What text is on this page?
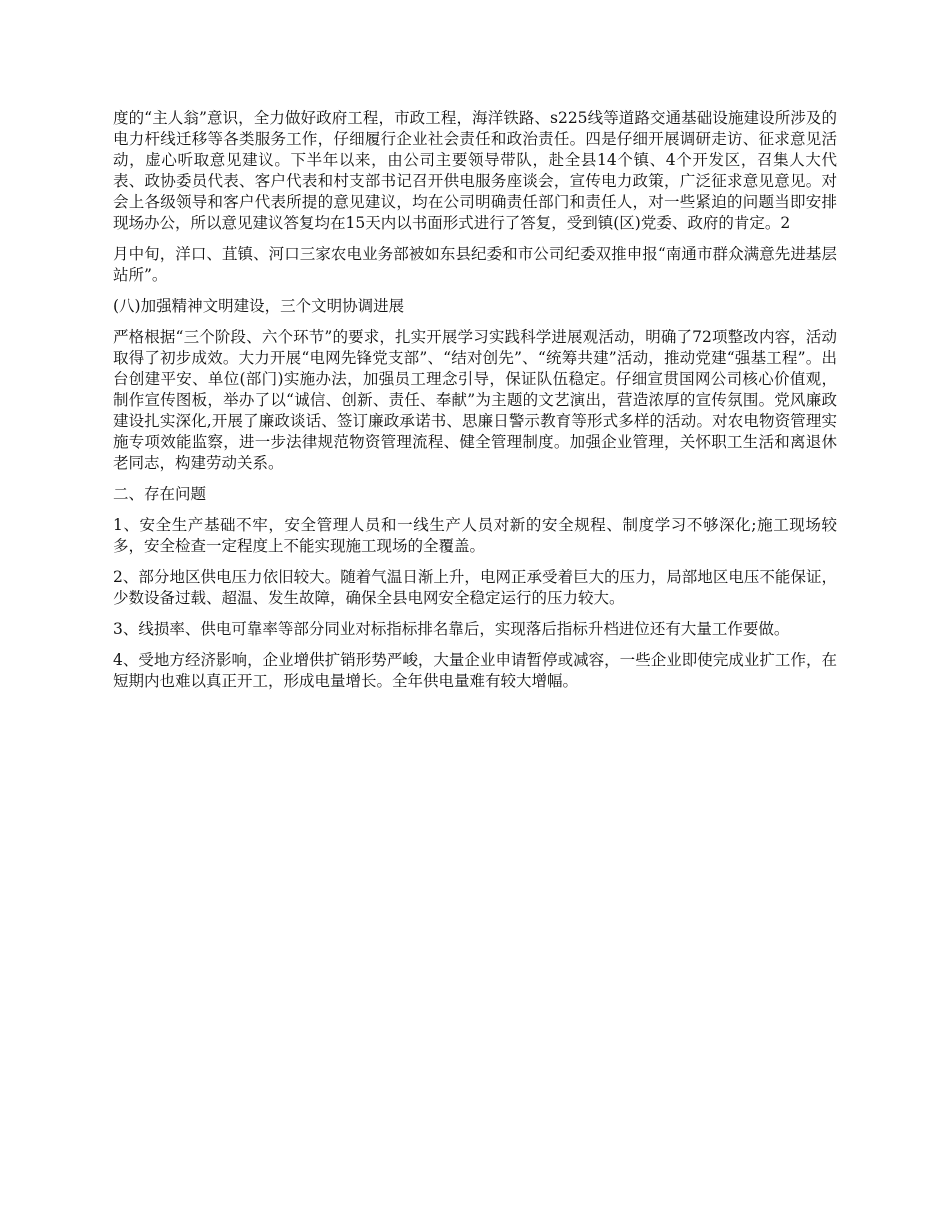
度的“主人翁”意识，全力做好政府工程，市政工程，海洋铁路、s225线等道路交通基础设施建设所涉及的电力杆线迁移等各类服务工作，仔细履行企业社会责任和政治责任。四是仔细开展调研走访、征求意见活动，虚心听取意见建议。下半年以来，由公司主要领导带队，赴全县14个镇、4个开发区，召集人大代表、政协委员代表、客户代表和村支部书记召开供电服务座谈会，宣传电力政策，广泛征求意见意见。对会上各级领导和客户代表所提的意见建议，均在公司明确责任部门和责任人，对一些紧迫的问题当即安排现场办公，所以意见建议答复均在15天内以书面形式进行了答复，受到镇(区)党委、政府的肯定。2

月中旬，洋口、苴镇、河口三家农电业务部被如东县纪委和市公司纪委双推申报“南通市群众满意先进基层站所”。

(八)加强精神文明建设，三个文明协调进展

严格根据“三个阶段、六个环节”的要求，扎实开展学习实践科学进展观活动，明确了72项整改内容，活动取得了初步成效。大力开展“电网先锋党支部”、“结对创先”、“统筹共建”活动，推动党建“强基工程”。出台创建平安、单位(部门)实施办法，加强员工理念引导，保证队伍稳定。仔细宣贯国网公司核心价值观，制作宣传图板，举办了以“诚信、创新、责任、奉献”为主题的文艺演出，营造浓厚的宣传氛围。党风廉政建设扎实深化,开展了廉政谈话、签订廉政承诺书、思廉日警示教育等形式多样的活动。对农电物资管理实施专项效能监察，进一步法律规范物资管理流程、健全管理制度。加强企业管理，关怀职工生活和离退休老同志，构建劳动关系。

二、存在问题

1、安全生产基础不牢，安全管理人员和一线生产人员对新的安全规程、制度学习不够深化;施工现场较多，安全检查一定程度上不能实现施工现场的全覆盖。

2、部分地区供电压力依旧较大。随着气温日渐上升，电网正承受着巨大的压力，局部地区电压不能保证，少数设备过载、超温、发生故障，确保全县电网安全稳定运行的压力较大。

3、线损率、供电可靠率等部分同业对标指标排名靠后，实现落后指标升档进位还有大量工作要做。

4、受地方经济影响，企业增供扩销形势严峻，大量企业申请暂停或减容，一些企业即使完成业扩工作，在短期内也难以真正开工，形成电量增长。全年供电量难有较大增幅。
